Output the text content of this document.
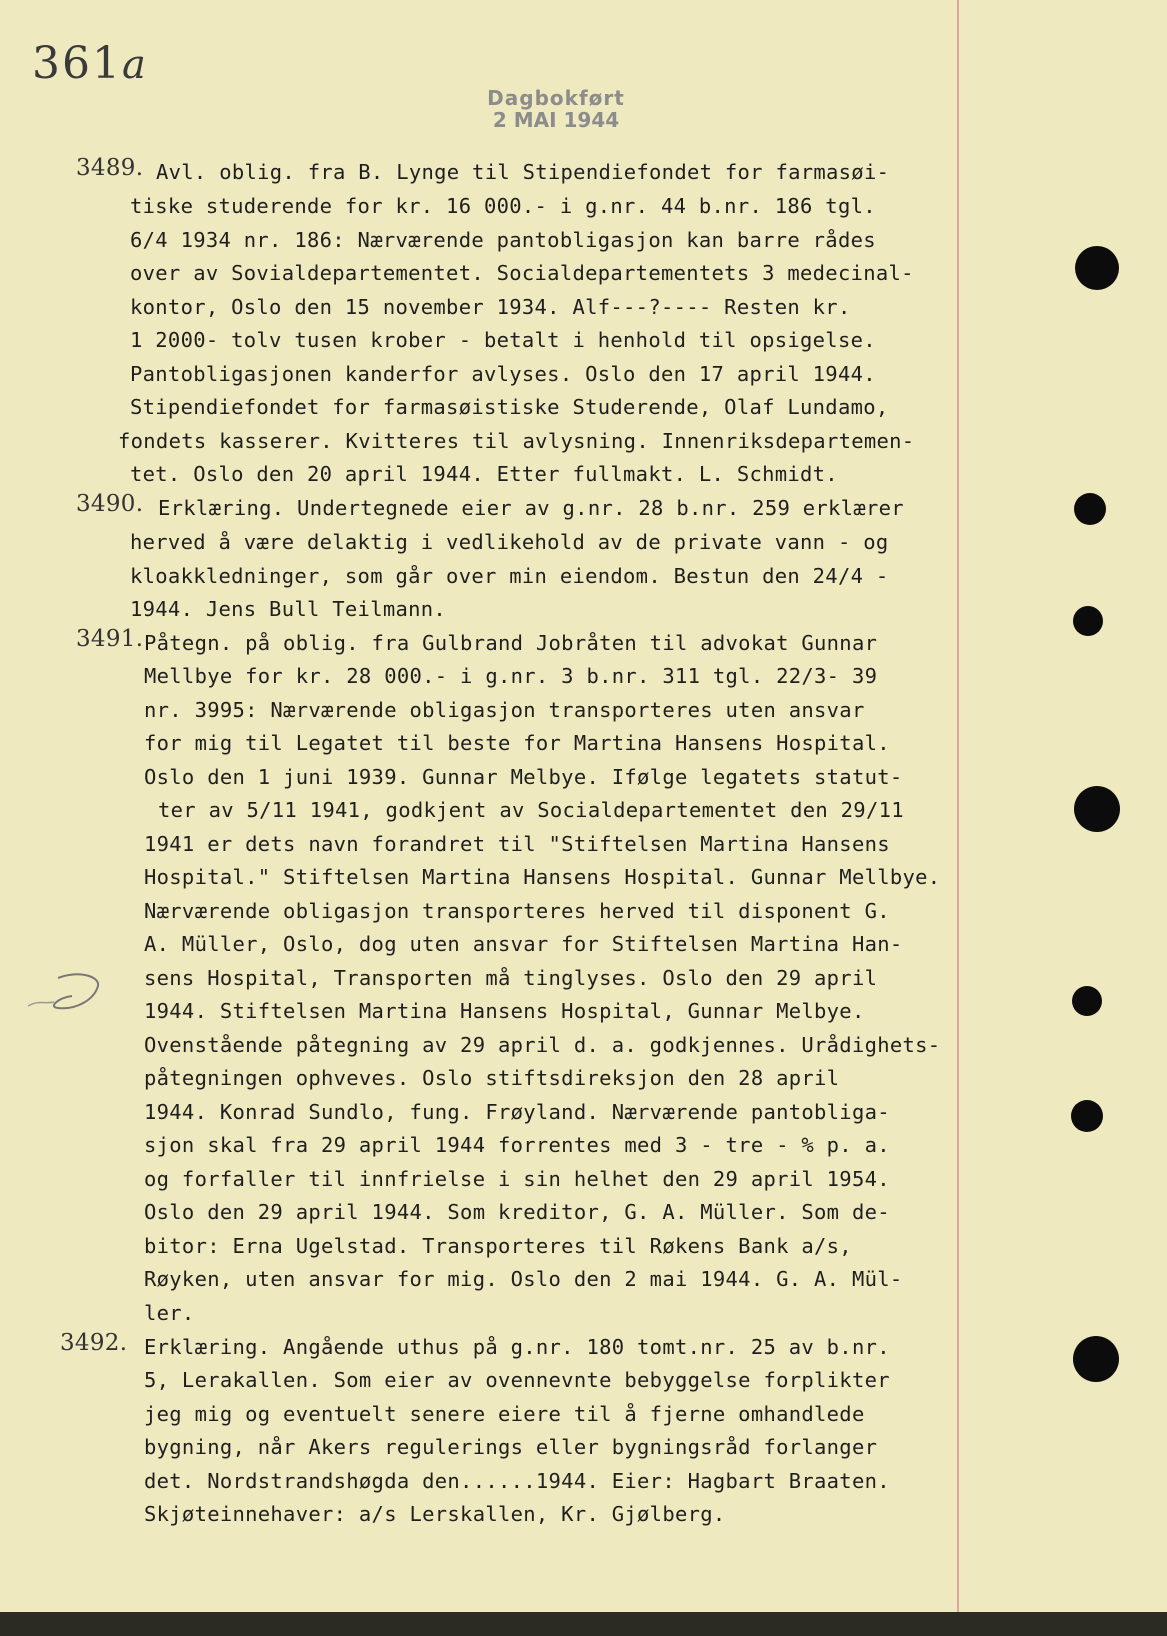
361a
Dagbokført
2 MAI 1944
3489. Avl. oblig. fra B. Lynge til Stipendiefondet for farmasøi-
tiske studerende for kr. 16 000.- i g.nr. 44 b.nr. 186 tgl.
6/4 1934 nr. 186: Nærværende pantobligasjon kan barre rådes
over av Sovialdepartementet. Socialdepartementets 3 medecinal-
kontor, Oslo den 15 november 1934. Alf---?---- Resten kr.
1 2000- tolv tusen krober - betalt i henhold til opsigelse.
Pantobligasjonen kanderfor avlyses. Oslo den 17 april 1944.
Stipendiefondet for farmasøistiske Studerende, Olaf Lundamo,
fondets kasserer. Kvitteres til avlysning. Innenriksdepartemen-
tet. Oslo den 20 april 1944. Etter fullmakt. L. Schmidt.
3490. Erklæring. Undertegnede eier av g.nr. 28 b.nr. 259 erklærer
herved å være delaktig i vedlikehold av de private vann - og
kloakkledninger, som går over min eiendom. Bestun den 24/4 -
1944. Jens Bull Teilmann.
3491. Påtegn. på oblig. fra Gulbrand Jobråten til advokat Gunnar
Mellbye for kr. 28 000.- i g.nr. 3 b.nr. 311 tgl. 22/3- 39
nr. 3995: Nærværende obligasjon transporteres uten ansvar
for mig til Legatet til beste for Martina Hansens Hospital.
Oslo den 1 juni 1939. Gunnar Melbye. Ifølge legatets statut-
ter av 5/11 1941, godkjent av Socialdepartementet den 29/11
1941 er dets navn forandret til "Stiftelsen Martina Hansens
Hospital." Stiftelsen Martina Hansens Hospital. Gunnar Mellbye.
Nærværende obligasjon transporteres herved til disponent G.
A. Müller, Oslo, dog uten ansvar for Stiftelsen Martina Han-
sens Hospital, Transporten må tinglyses. Oslo den 29 april
1944. Stiftelsen Martina Hansens Hospital, Gunnar Melbye.
Ovenstående påtegning av 29 april d. a. godkjennes. Urådighets-
påtegningen ophveves. Oslo stiftsdireksjon den 28 april
1944. Konrad Sundlo, fung. Frøyland. Nærværende pantobliga-
sjon skal fra 29 april 1944 forrentes med 3 - tre - % p. a.
og forfaller til innfrielse i sin helhet den 29 april 1954.
Oslo den 29 april 1944. Som kreditor, G. A. Müller. Som de-
bitor: Erna Ugelstad. Transporteres til Røkens Bank a/s,
Røyken, uten ansvar for mig. Oslo den 2 mai 1944. G. A. Mül-
ler.
3492. Erklæring. Angående uthus på g.nr. 180 tomt.nr. 25 av b.nr.
5, Lerakallen. Som eier av ovennevnte bebyggelse forplikter
jeg mig og eventuelt senere eiere til å fjerne omhandlede
bygning, når Akers regulerings eller bygningsråd forlanger
det. Nordstrandshøgda den......1944. Eier: Hagbart Braaten.
Skjøteinnehaver: a/s Lerskallen, Kr. Gjølberg.
